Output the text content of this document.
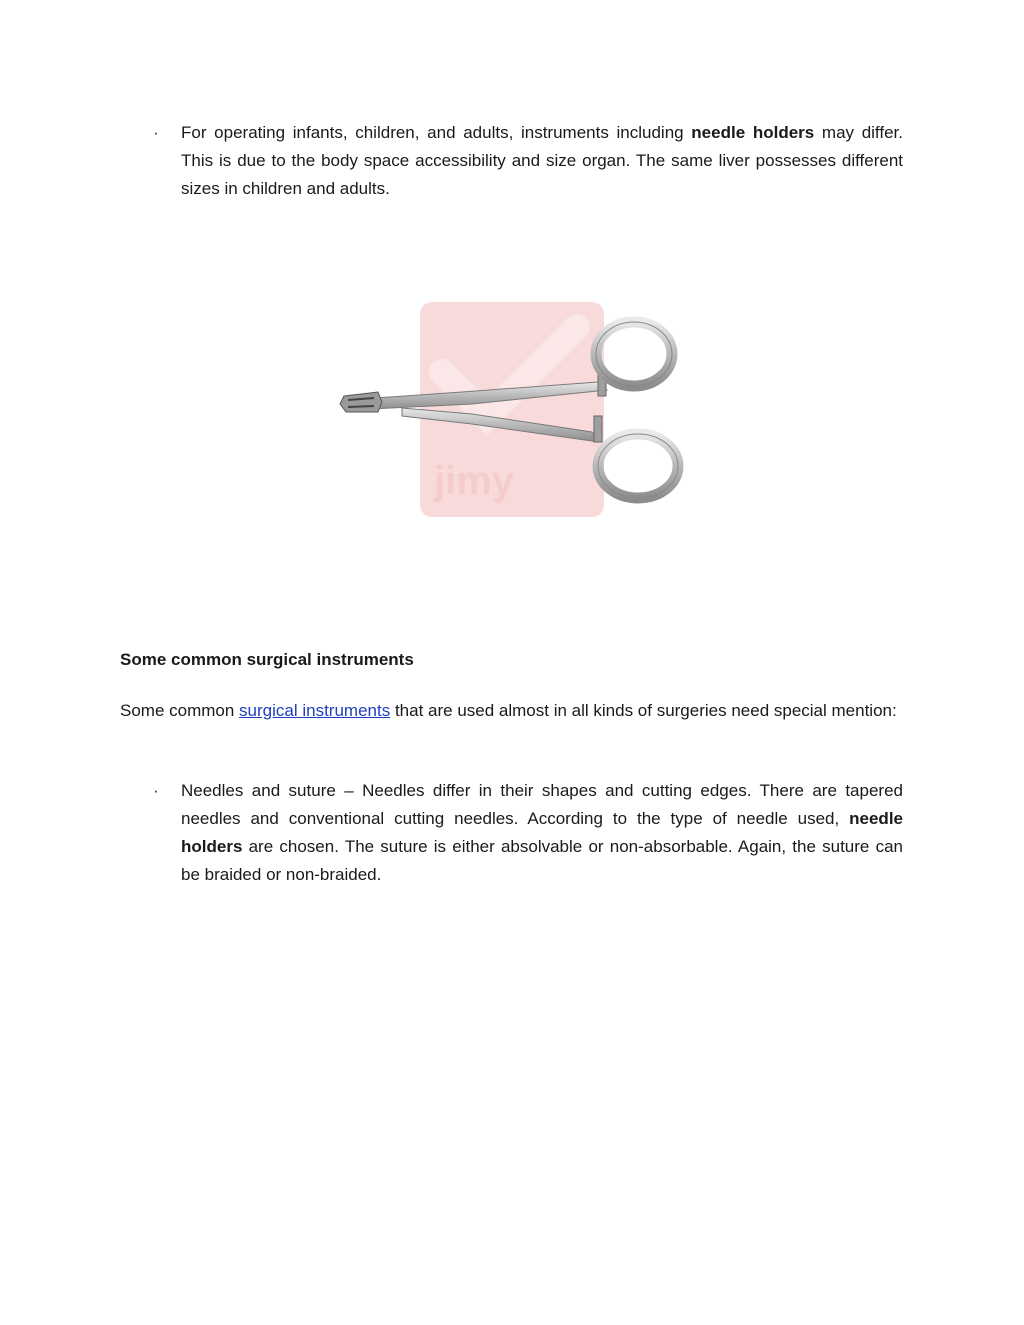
· For operating infants, children, and adults, instruments including needle holders may differ. This is due to the body space accessibility and size organ. The same liver possesses different sizes in children and adults.
jimy
Some common surgical instruments
Some common surgical instruments that are used almost in all kinds of surgeries need special mention:
· Needles and suture – Needles differ in their shapes and cutting edges. There are tapered needles and conventional cutting needles. According to the type of needle used, needle holders are chosen. The suture is either absolvable or non-absorbable. Again, the suture can be braided or non-braided.
